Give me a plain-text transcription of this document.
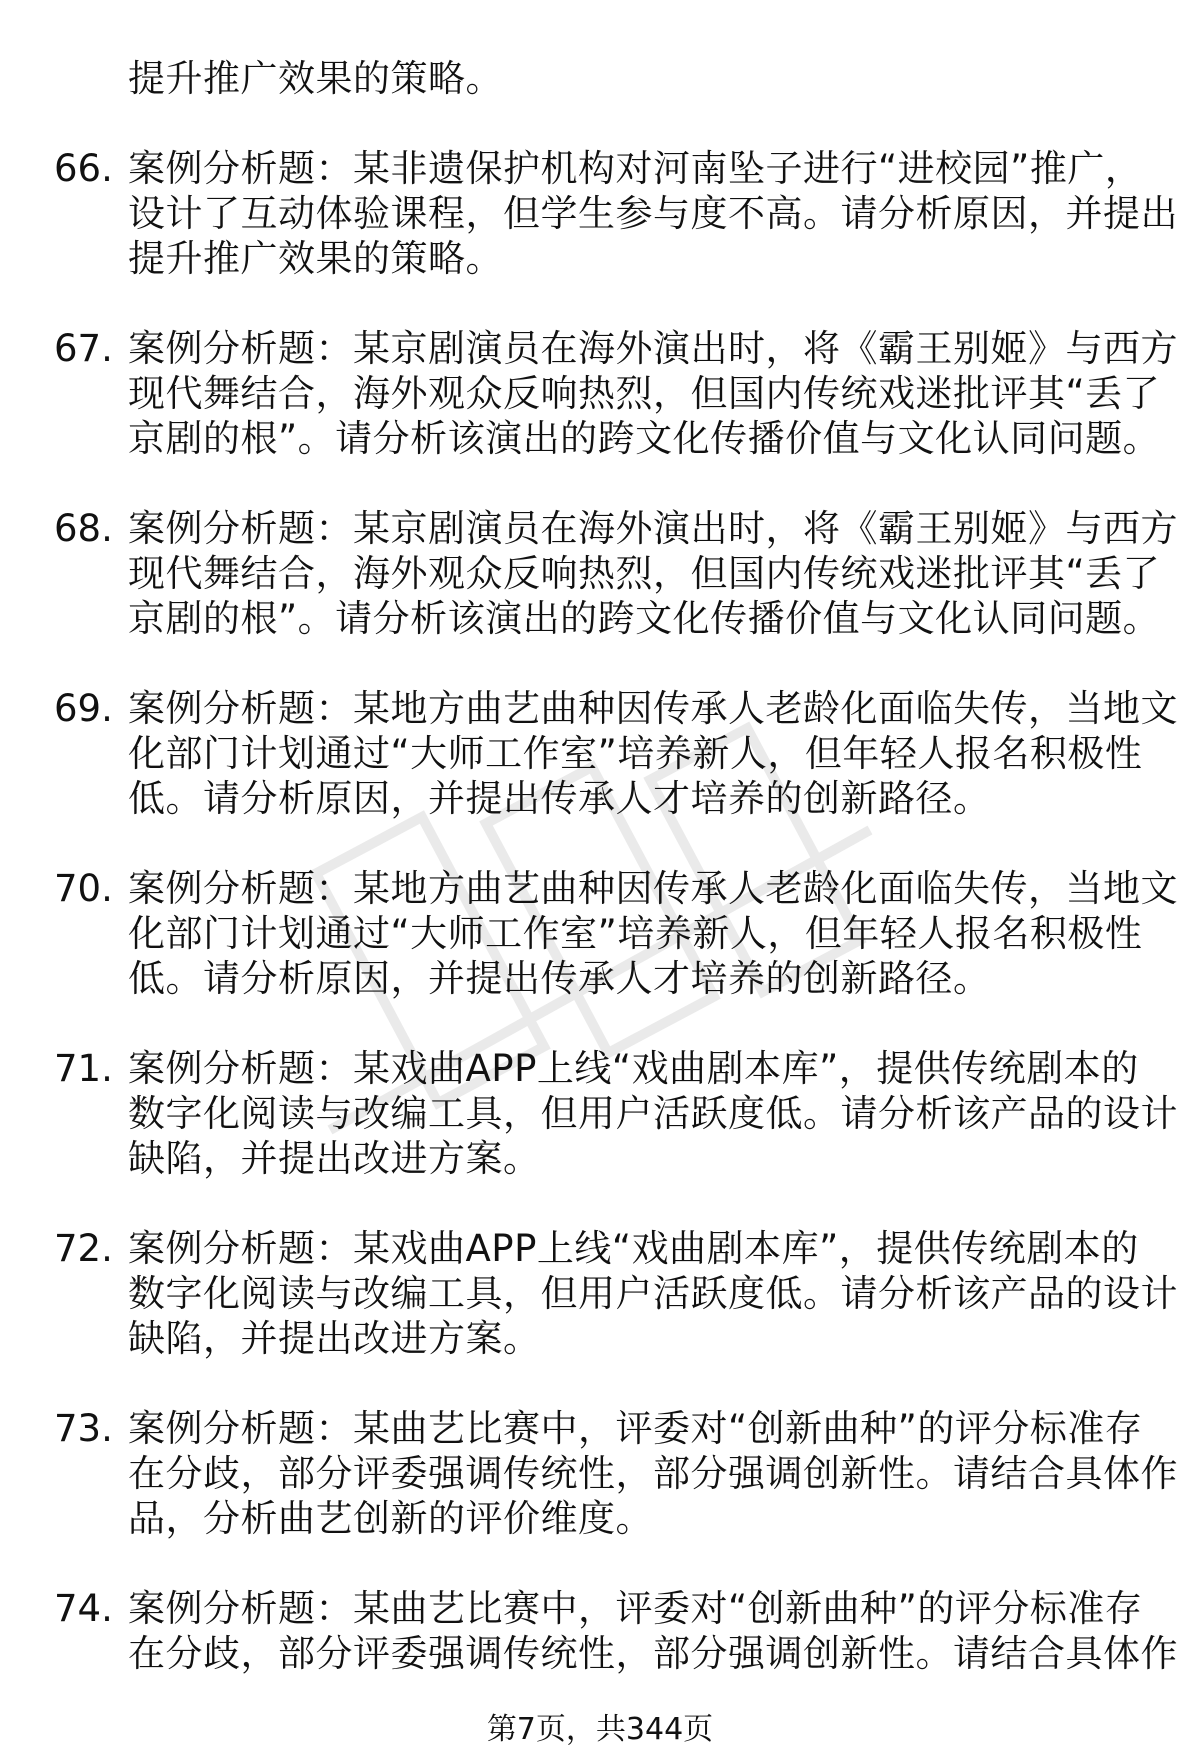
提升推广效果的策略。
66. 案例分析题：某非遗保护机构对河南坠子进行“进校园”推广，
设计了互动体验课程，但学生参与度不高。请分析原因，并提出
提升推广效果的策略。
67. 案例分析题：某京剧演员在海外演出时，将《霸王别姬》与西方
现代舞结合，海外观众反响热烈，但国内传统戏迷批评其“丢了
京剧的根”。请分析该演出的跨文化传播价值与文化认同问题。
68. 案例分析题：某京剧演员在海外演出时，将《霸王别姬》与西方
现代舞结合，海外观众反响热烈，但国内传统戏迷批评其“丢了
京剧的根”。请分析该演出的跨文化传播价值与文化认同问题。
69. 案例分析题：某地方曲艺曲种因传承人老龄化面临失传，当地文
化部门计划通过“大师工作室”培养新人，但年轻人报名积极性
低。请分析原因，并提出传承人才培养的创新路径。
70. 案例分析题：某地方曲艺曲种因传承人老龄化面临失传，当地文
化部门计划通过“大师工作室”培养新人，但年轻人报名积极性
低。请分析原因，并提出传承人才培养的创新路径。
71. 案例分析题：某戏曲APP上线“戏曲剧本库”，提供传统剧本的
数字化阅读与改编工具，但用户活跃度低。请分析该产品的设计
缺陷，并提出改进方案。
72. 案例分析题：某戏曲APP上线“戏曲剧本库”，提供传统剧本的
数字化阅读与改编工具，但用户活跃度低。请分析该产品的设计
缺陷，并提出改进方案。
73. 案例分析题：某曲艺比赛中，评委对“创新曲种”的评分标准存
在分歧，部分评委强调传统性，部分强调创新性。请结合具体作
品，分析曲艺创新的评价维度。
74. 案例分析题：某曲艺比赛中，评委对“创新曲种”的评分标准存
在分歧，部分评委强调传统性，部分强调创新性。请结合具体作
第7页，共344页
